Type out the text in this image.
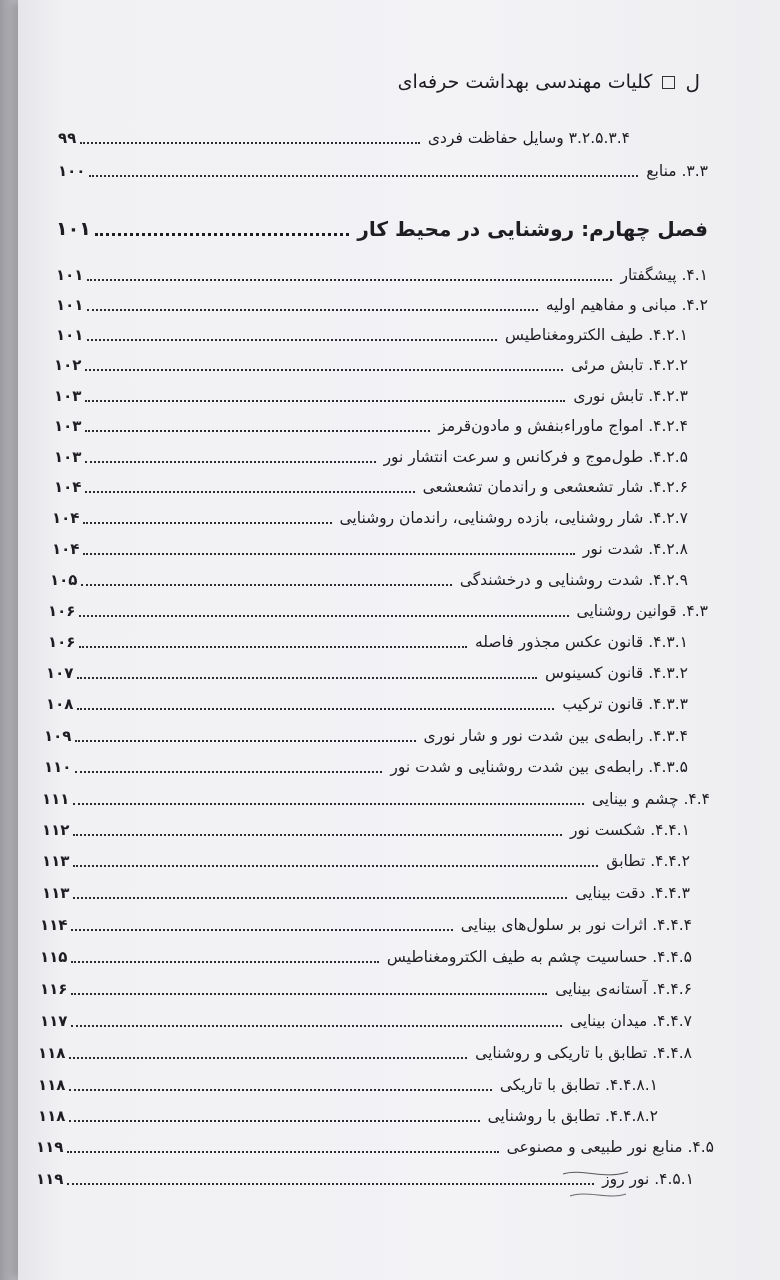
ل
کلیات مهندسی بهداشت حرفه‌ای
۳.۲.۵.۳.۴ وسایل حفاظت فردی
۹۹
۳.۳. منابع
۱۰۰
فصل چهارم: روشنایی در محیط کار
۱۰۱
۴.۱. پیشگفتار
۱۰۱
۴.۲. مبانی و مفاهیم اولیه
۱۰۱
۴.۲.۱. طیف الکترومغناطیس
۱۰۱
۴.۲.۲. تابش مرئی
۱۰۲
۴.۲.۳. تابش نوری
۱۰۳
۴.۲.۴. امواج ماوراءبنفش و مادون‌قرمز
۱۰۳
۴.۲.۵. طول‌موج و فرکانس و سرعت انتشار نور
۱۰۳
۴.۲.۶. شار تشعشعی و راندمان تشعشعی
۱۰۴
۴.۲.۷. شار روشنایی، بازده روشنایی، راندمان روشنایی
۱۰۴
۴.۲.۸. شدت نور
۱۰۴
۴.۲.۹. شدت روشنایی و درخشندگی
۱۰۵
۴.۳. قوانین روشنایی
۱۰۶
۴.۳.۱. قانون عکس مجذور فاصله
۱۰۶
۴.۳.۲. قانون کسینوس
۱۰۷
۴.۳.۳. قانون ترکیب
۱۰۸
۴.۳.۴. رابطه‌ی بین شدت نور و شار نوری
۱۰۹
۴.۳.۵. رابطه‌ی بین شدت روشنایی و شدت نور
۱۱۰
۴.۴. چشم و بینایی
۱۱۱
۴.۴.۱. شکست نور
۱۱۲
۴.۴.۲. تطابق
۱۱۳
۴.۴.۳. دقت بینایی
۱۱۳
۴.۴.۴. اثرات نور بر سلول‌های بینایی
۱۱۴
۴.۴.۵. حساسیت چشم به طیف الکترومغناطیس
۱۱۵
۴.۴.۶. آستانه‌ی بینایی
۱۱۶
۴.۴.۷. میدان بینایی
۱۱۷
۴.۴.۸. تطابق با تاریکی و روشنایی
۱۱۸
۴.۴.۸.۱. تطابق با تاریکی
۱۱۸
۴.۴.۸.۲. تطابق با روشنایی
۱۱۸
۴.۵. منابع نور طبیعی و مصنوعی
۱۱۹
۴.۵.۱. نور روز
۱۱۹
